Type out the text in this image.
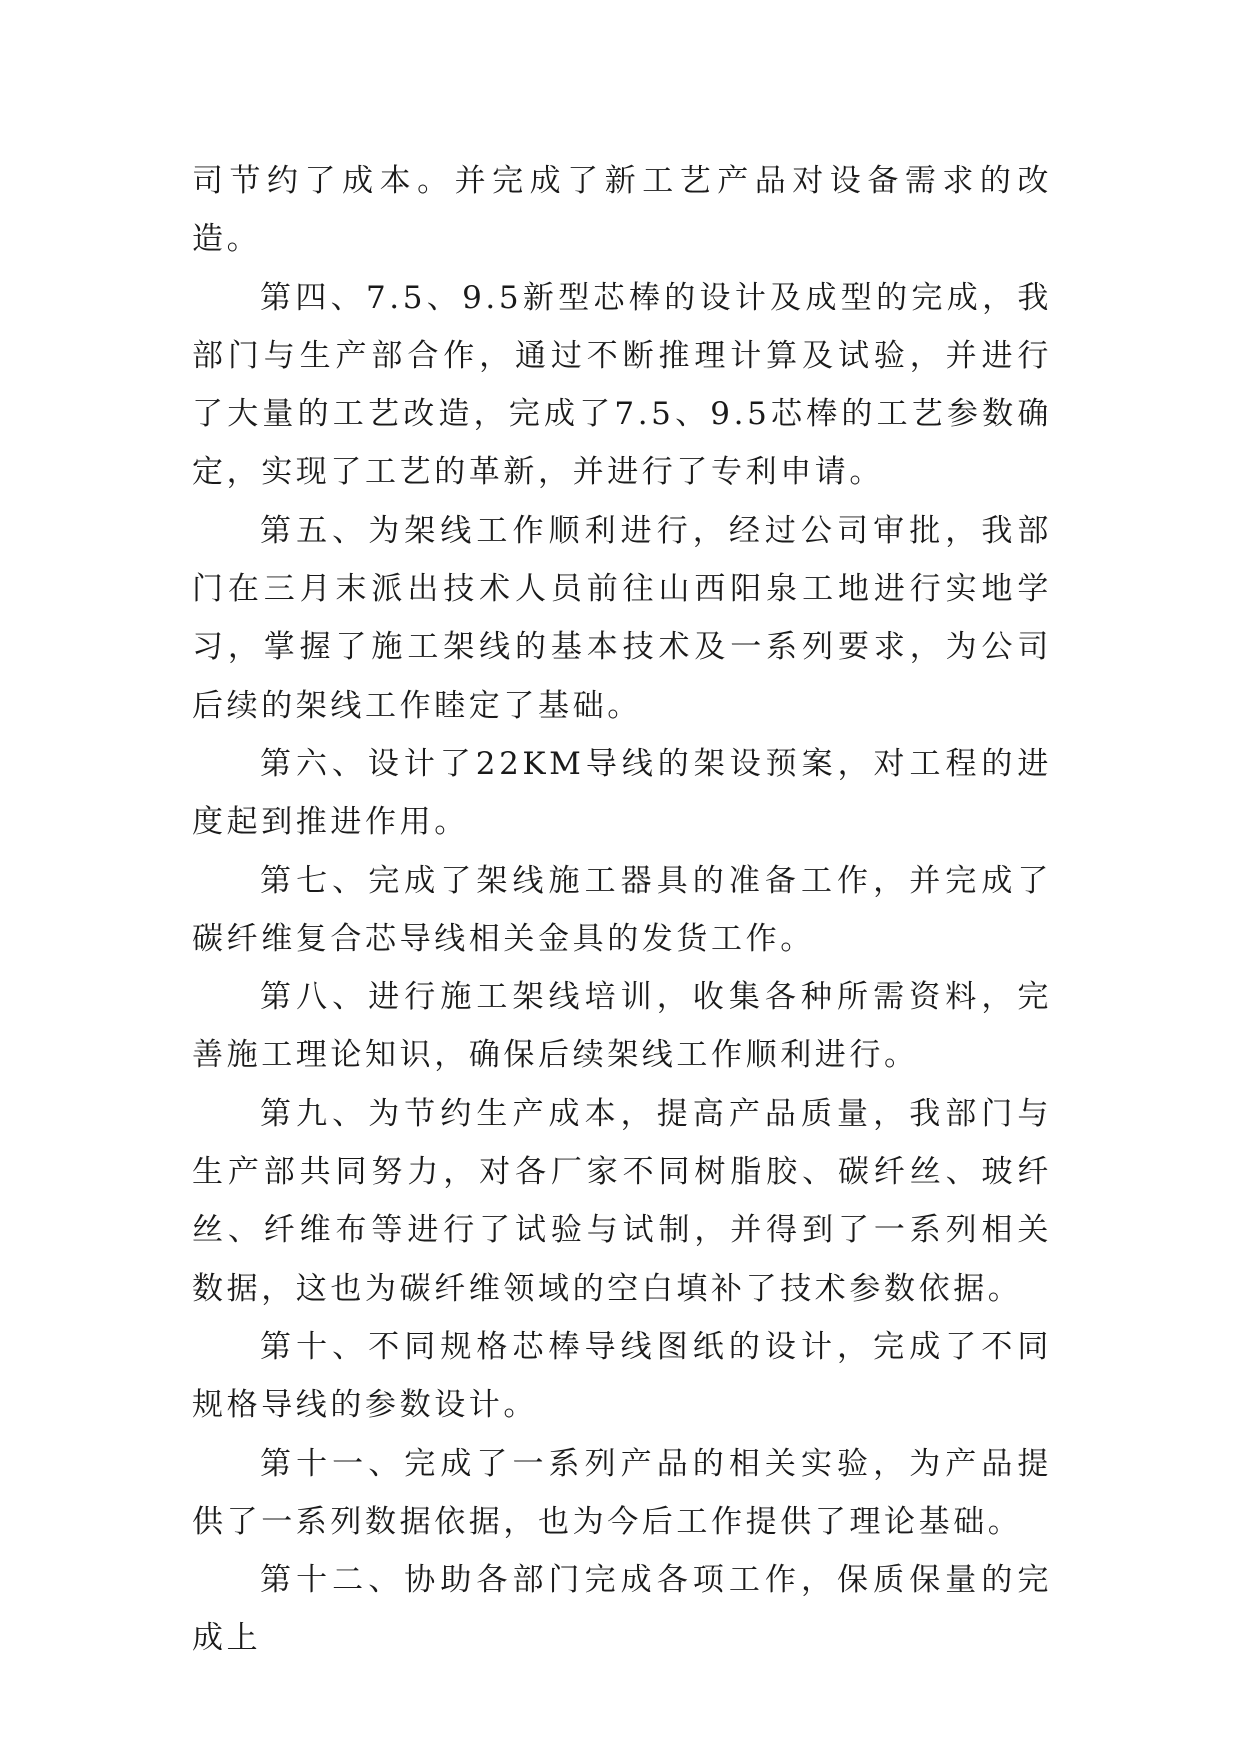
司节约了成本。并完成了新工艺产品对设备需求的改造。

第四、7.5、9.5新型芯棒的设计及成型的完成，我部门与生产部合作，通过不断推理计算及试验，并进行了大量的工艺改造，完成了7.5、9.5芯棒的工艺参数确定，实现了工艺的革新，并进行了专利申请。

第五、为架线工作顺利进行，经过公司审批，我部门在三月末派出技术人员前往山西阳泉工地进行实地学习，掌握了施工架线的基本技术及一系列要求，为公司后续的架线工作睦定了基础。

第六、设计了22KM导线的架设预案，对工程的进度起到推进作用。

第七、完成了架线施工器具的准备工作，并完成了碳纤维复合芯导线相关金具的发货工作。

第八、进行施工架线培训，收集各种所需资料，完善施工理论知识，确保后续架线工作顺利进行。

第九、为节约生产成本，提高产品质量，我部门与生产部共同努力，对各厂家不同树脂胶、碳纤丝、玻纤丝、纤维布等进行了试验与试制，并得到了一系列相关数据，这也为碳纤维领域的空白填补了技术参数依据。

第十、不同规格芯棒导线图纸的设计，完成了不同规格导线的参数设计。

第十一、完成了一系列产品的相关实验，为产品提供了一系列数据依据，也为今后工作提供了理论基础。

第十二、协助各部门完成各项工作，保质保量的完成上
